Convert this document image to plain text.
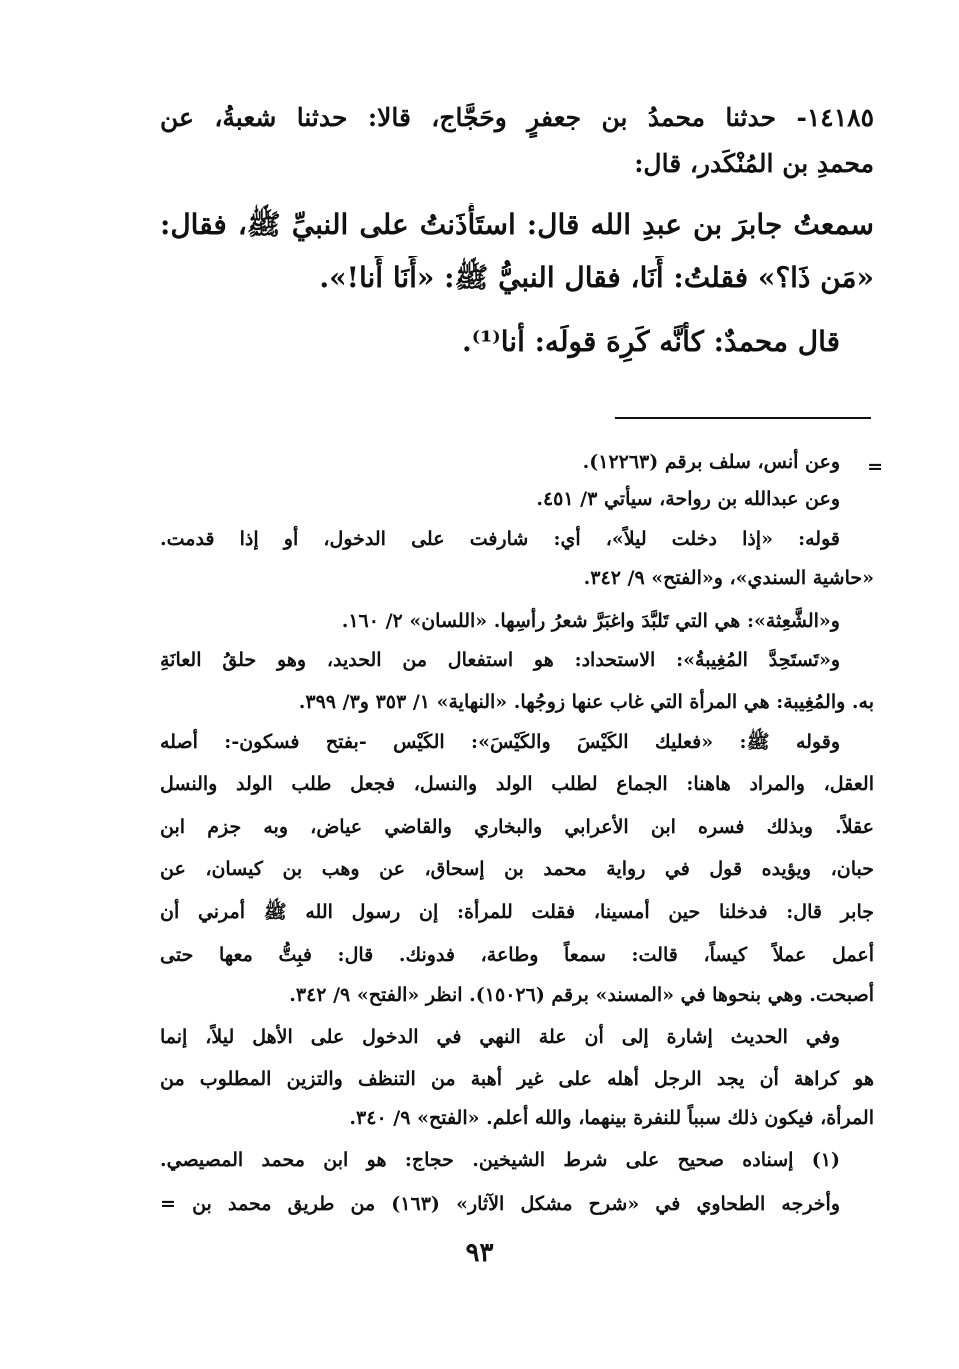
١٤١٨٥- حدثنا محمدُ بن جعفرٍ وحَجَّاج، قالا: حدثنا شعبةُ، عن
محمدِ بن المُنْكَدر، قال:
سمعتُ جابرَ بن عبدِ الله قال: استَأْذَنتُ على النبيِّ ﷺ، فقال:
«مَن ذَا؟» فقلتُ: أَنَا، فقال النبيُّ ﷺ: «أَنَا أَنا!».
قال محمدٌ: كأنَّه كَرِهَ قولَه: أنا⁽¹⁾.
=
وعن أنس، سلف برقم (١٢٢٦٣).
وعن عبدالله بن رواحة، سيأتي ٣/ ٤٥١.
قوله: «إذا دخلت ليلاً»، أي: شارفت على الدخول، أو إذا قدمت.
«حاشية السندي»، و«الفتح» ٩/ ٣٤٢.
و«الشَّعِثة»: هي التي تَلبَّدَ واغبَرَّ شعرُ رأسِها. «اللسان» ٢/ ١٦٠.
و«تَستَحِدَّ المُغِيبةُ»: الاستحداد: هو استفعال من الحديد، وهو حلقُ العانَةِ
به. والمُغِيبة: هي المرأة التي غاب عنها زوجُها. «النهاية» ١/ ٣٥٣ و٣/ ٣٩٩.
وقوله ﷺ: «فعليك الكَيْسَ والكَيْسَ»: الكَيْس -بفتح فسكون-: أصله
العقل، والمراد هاهنا: الجماع لطلب الولد والنسل، فجعل طلب الولد والنسل
عقلاً. وبذلك فسره ابن الأعرابي والبخاري والقاضي عياض، وبه جزم ابن
حبان، ويؤيده قول في رواية محمد بن إسحاق، عن وهب بن كيسان، عن
جابر قال: فدخلنا حين أمسينا، فقلت للمرأة: إن رسول الله ﷺ أمرني أن
أعمل عملاً كيساً، قالت: سمعاً وطاعة، فدونك. قال: فبِتُّ معها حتى
أصبحت. وهي بنحوها في «المسند» برقم (١٥٠٢٦). انظر «الفتح» ٩/ ٣٤٢.
وفي الحديث إشارة إلى أن علة النهي في الدخول على الأهل ليلاً، إنما
هو كراهة أن يجد الرجل أهله على غير أهبة من التنظف والتزين المطلوب من
المرأة، فيكون ذلك سبباً للنفرة بينهما، والله أعلم. «الفتح» ٩/ ٣٤٠.
(١) إسناده صحيح على شرط الشيخين. حجاج: هو ابن محمد المصيصي.
وأخرجه الطحاوي في «شرح مشكل الآثار» (١٦٣) من طريق محمد بن =
٩٣
